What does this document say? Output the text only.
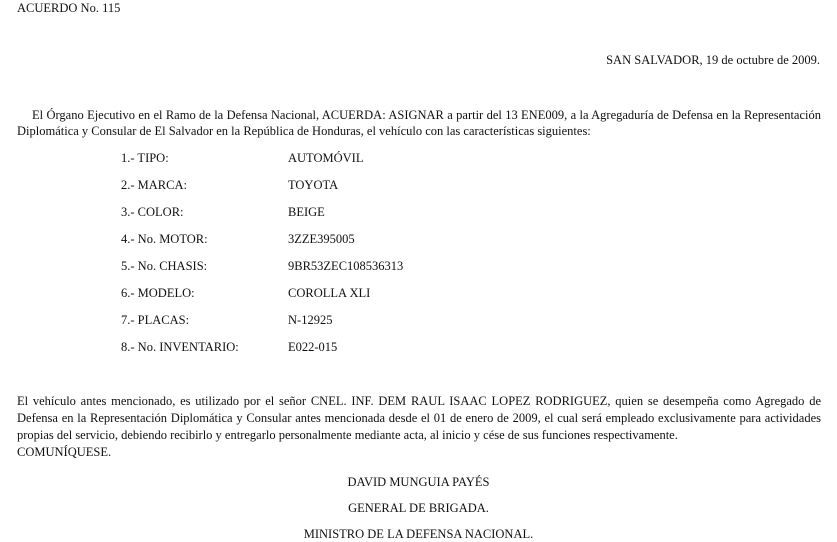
ACUERDO No. 115
SAN SALVADOR, 19 de octubre de 2009.
El Órgano Ejecutivo en el Ramo de la Defensa Nacional, ACUERDA: ASIGNAR a partir del 13 ENE009, a la Agregaduría de Defensa en la Representación Diplomática y Consular de El Salvador en la República de Honduras, el vehículo con las características siguientes:
1.- TIPO:	AUTOMÓVIL
2.- MARCA:	TOYOTA
3.- COLOR:	BEIGE
4.- No. MOTOR:	3ZZE395005
5.- No. CHASIS:	9BR53ZEC108536313
6.- MODELO:	COROLLA XLI
7.- PLACAS:	N-12925
8.- No. INVENTARIO:	E022-015
El vehículo antes mencionado, es utilizado por el señor CNEL. INF. DEM RAUL ISAAC LOPEZ RODRIGUEZ, quien se desempeña como Agregado de Defensa en la Representación Diplomática y Consular antes mencionada desde el 01 de enero de 2009, el cual será empleado exclusivamente para actividades propias del servicio, debiendo recibirlo y entregarlo personalmente mediante acta, al inicio y cése de sus funciones respectivamente.
COMUNÍQUESE.
DAVID MUNGUIA PAYÉS
GENERAL DE BRIGADA.
MINISTRO DE LA DEFENSA NACIONAL.
